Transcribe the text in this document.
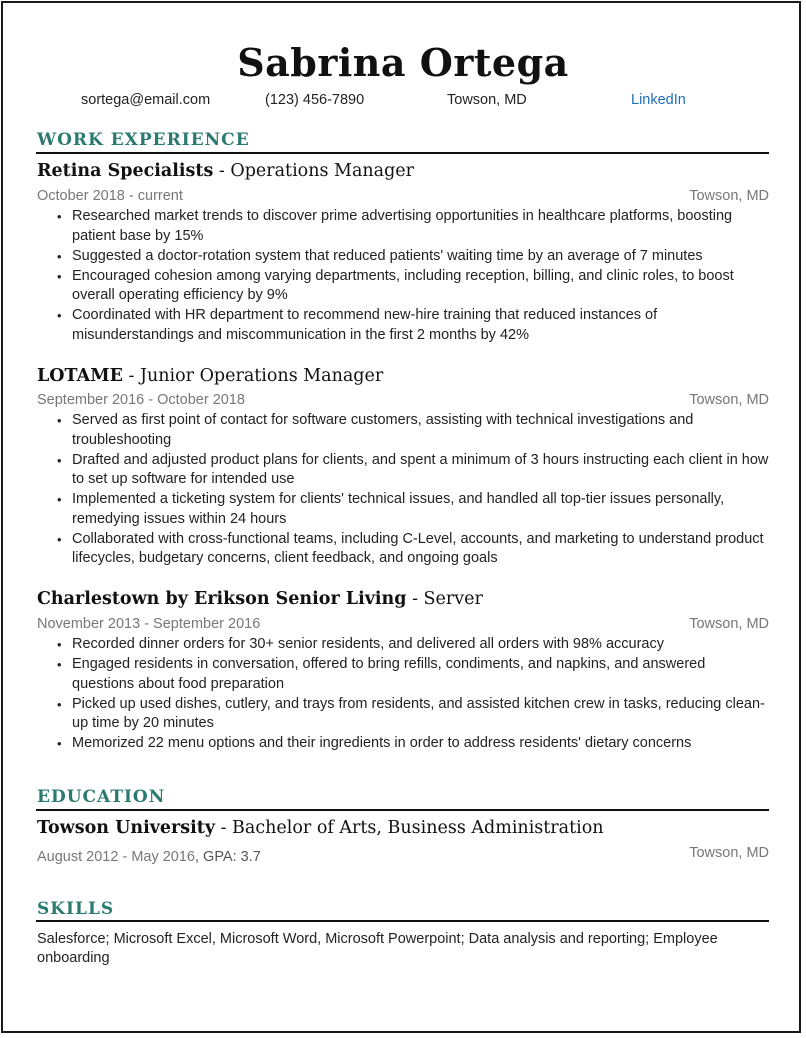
Sabrina Ortega
sortega@email.com	(123) 456-7890	Towson, MD	LinkedIn
WORK EXPERIENCE
Retina Specialists - Operations Manager
October 2018 - current	Towson, MD
• Researched market trends to discover prime advertising opportunities in healthcare platforms, boosting patient base by 15%
• Suggested a doctor-rotation system that reduced patients' waiting time by an average of 7 minutes
• Encouraged cohesion among varying departments, including reception, billing, and clinic roles, to boost overall operating efficiency by 9%
• Coordinated with HR department to recommend new-hire training that reduced instances of misunderstandings and miscommunication in the first 2 months by 42%
LOTAME - Junior Operations Manager
September 2016 - October 2018	Towson, MD
• Served as first point of contact for software customers, assisting with technical investigations and troubleshooting
• Drafted and adjusted product plans for clients, and spent a minimum of 3 hours instructing each client in how to set up software for intended use
• Implemented a ticketing system for clients' technical issues, and handled all top-tier issues personally, remedying issues within 24 hours
• Collaborated with cross-functional teams, including C-Level, accounts, and marketing to understand product lifecycles, budgetary concerns, client feedback, and ongoing goals
Charlestown by Erikson Senior Living - Server
November 2013 - September 2016	Towson, MD
• Recorded dinner orders for 30+ senior residents, and delivered all orders with 98% accuracy
• Engaged residents in conversation, offered to bring refills, condiments, and napkins, and answered questions about food preparation
• Picked up used dishes, cutlery, and trays from residents, and assisted kitchen crew in tasks, reducing clean-up time by 20 minutes
• Memorized 22 menu options and their ingredients in order to address residents' dietary concerns
EDUCATION
Towson University - Bachelor of Arts, Business Administration
August 2012 - May 2016, GPA: 3.7	Towson, MD
SKILLS
Salesforce; Microsoft Excel, Microsoft Word, Microsoft Powerpoint; Data analysis and reporting; Employee onboarding
